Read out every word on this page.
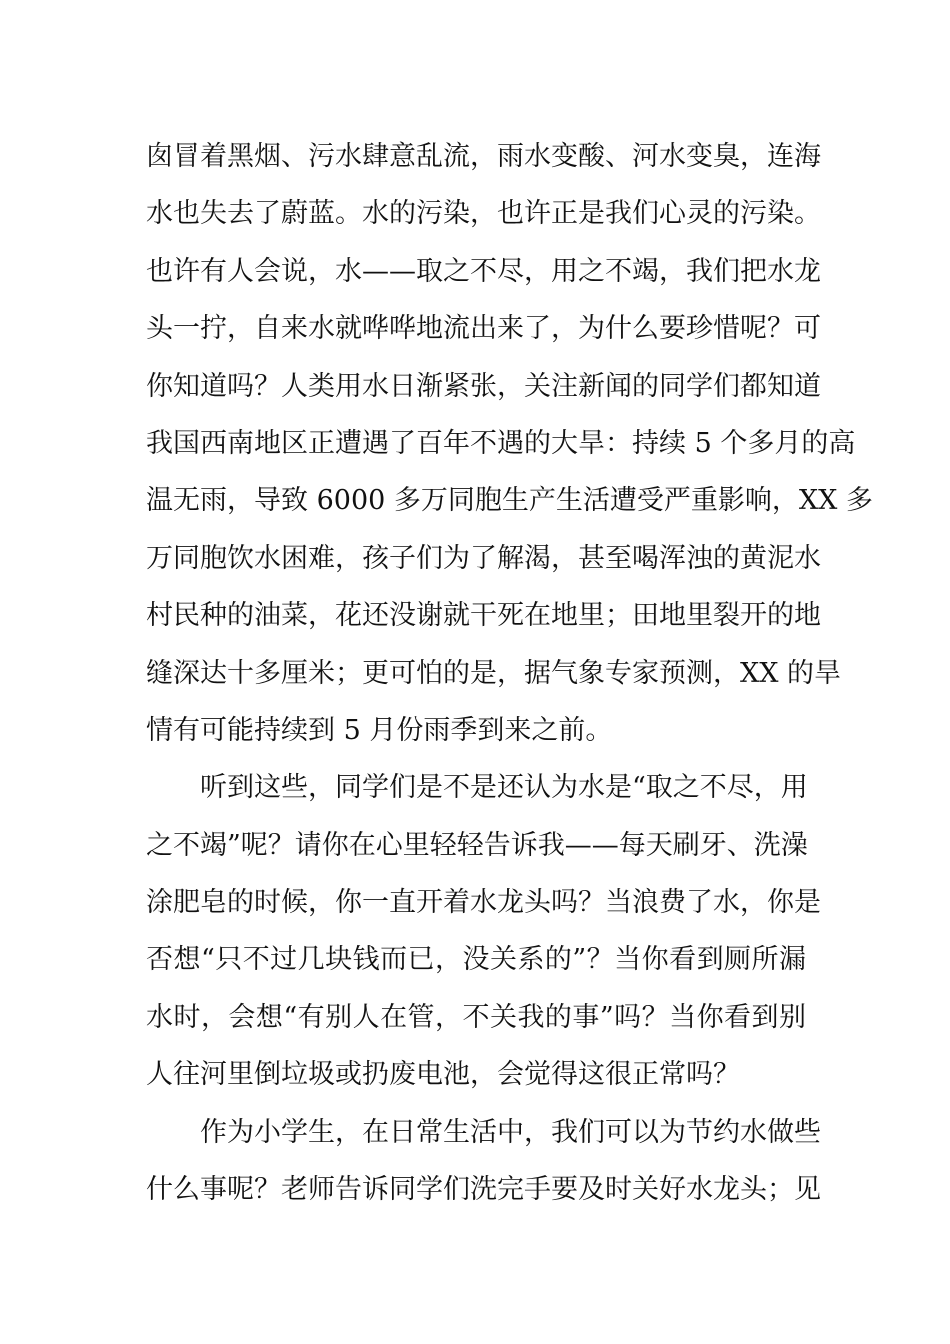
囱冒着黑烟、污水肆意乱流，雨水变酸、河水变臭，连海
水也失去了蔚蓝。水的污染，也许正是我们心灵的污染。
也许有人会说，水——取之不尽，用之不竭，我们把水龙
头一拧，自来水就哗哗地流出来了，为什么要珍惜呢？可
你知道吗？人类用水日渐紧张，关注新闻的同学们都知道
我国西南地区正遭遇了百年不遇的大旱：持续 5 个多月的高
温无雨，导致 6000 多万同胞生产生活遭受严重影响，XX 多
万同胞饮水困难，孩子们为了解渴，甚至喝浑浊的黄泥水
村民种的油菜，花还没谢就干死在地里；田地里裂开的地
缝深达十多厘米；更可怕的是，据气象专家预测，XX 的旱
情有可能持续到 5 月份雨季到来之前。
听到这些，同学们是不是还认为水是“取之不尽，用
之不竭”呢？请你在心里轻轻告诉我——每天刷牙、洗澡
涂肥皂的时候，你一直开着水龙头吗？当浪费了水，你是
否想“只不过几块钱而已，没关系的”？当你看到厕所漏
水时，会想“有别人在管，不关我的事”吗？当你看到别
人往河里倒垃圾或扔废电池，会觉得这很正常吗？
作为小学生，在日常生活中，我们可以为节约水做些
什么事呢？老师告诉同学们洗完手要及时关好水龙头；见
